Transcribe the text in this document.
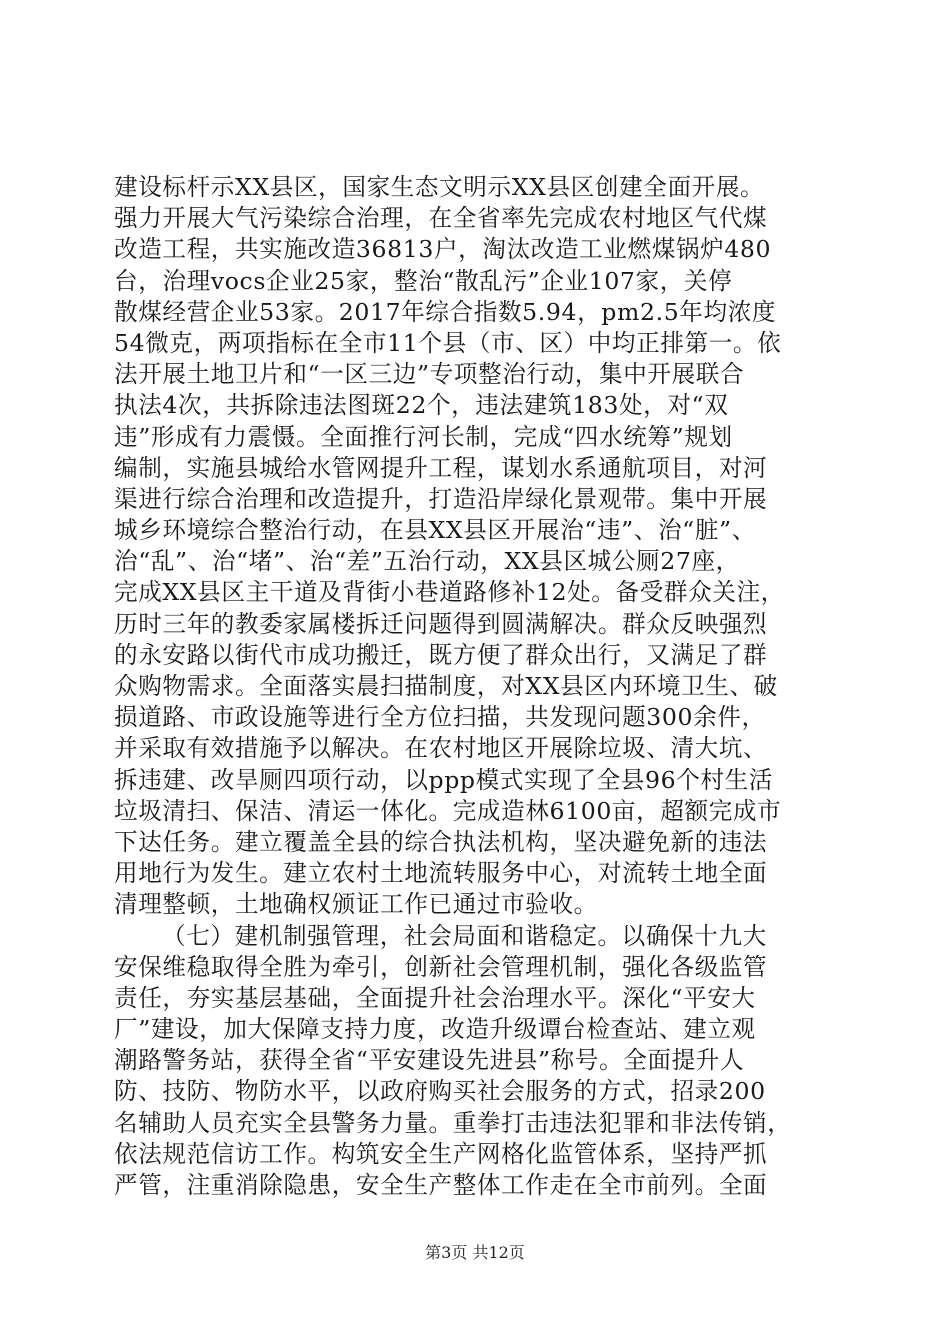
建设标杆示XX县区，国家生态文明示XX县区创建全面开展。
强力开展大气污染综合治理，在全省率先完成农村地区气代煤
改造工程，共实施改造36813户，淘汰改造工业燃煤锅炉480
台，治理vocs企业25家，整治“散乱污”企业107家，关停
散煤经营企业53家。2017年综合指数5.94，pm2.5年均浓度
54微克，两项指标在全市11个县（市、区）中均正排第一。依
法开展土地卫片和“一区三边”专项整治行动，集中开展联合
执法4次，共拆除违法图斑22个，违法建筑183处，对“双
违”形成有力震慑。全面推行河长制，完成“四水统筹”规划
编制，实施县城给水管网提升工程，谋划水系通航项目，对河
渠进行综合治理和改造提升，打造沿岸绿化景观带。集中开展
城乡环境综合整治行动，在县XX县区开展治“违”、治“脏”、
治“乱”、治“堵”、治“差”五治行动，XX县区城公厕27座，
完成XX县区主干道及背街小巷道路修补12处。备受群众关注，
历时三年的教委家属楼拆迁问题得到圆满解决。群众反映强烈
的永安路以街代市成功搬迁，既方便了群众出行，又满足了群
众购物需求。全面落实晨扫描制度，对XX县区内环境卫生、破
损道路、市政设施等进行全方位扫描，共发现问题300余件，
并采取有效措施予以解决。在农村地区开展除垃圾、清大坑、
拆违建、改旱厕四项行动，以ppp模式实现了全县96个村生活
垃圾清扫、保洁、清运一体化。完成造林6100亩，超额完成市
下达任务。建立覆盖全县的综合执法机构，坚决避免新的违法
用地行为发生。建立农村土地流转服务中心，对流转土地全面
清理整顿，土地确权颁证工作已通过市验收。
（七）建机制强管理，社会局面和谐稳定。以确保十九大
安保维稳取得全胜为牵引，创新社会管理机制，强化各级监管
责任，夯实基层基础，全面提升社会治理水平。深化“平安大
厂”建设，加大保障支持力度，改造升级谭台检查站、建立观
潮路警务站，获得全省“平安建设先进县”称号。全面提升人
防、技防、物防水平，以政府购买社会服务的方式，招录200
名辅助人员充实全县警务力量。重拳打击违法犯罪和非法传销，
依法规范信访工作。构筑安全生产网格化监管体系，坚持严抓
严管，注重消除隐患，安全生产整体工作走在全市前列。全面
第3页 共12页
